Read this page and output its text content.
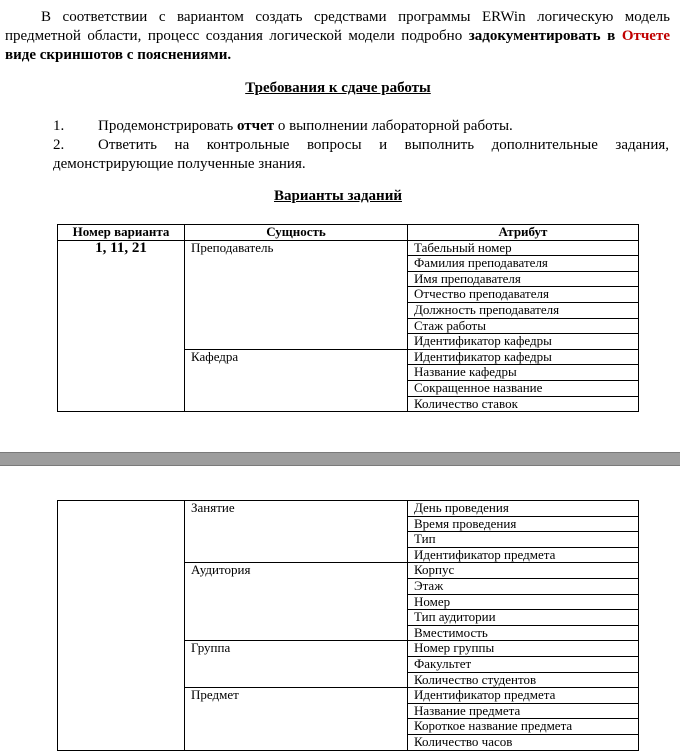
В соответствии с вариантом создать средствами программы ERWin логическую модель предметной области, процесс создания логической модели подробно задокументировать в Отчете виде скриншотов с пояснениями.
Требования к сдаче работы
1.	Продемонстрировать отчет о выполнении лабораторной работы.
2. Ответить на контрольные вопросы и выполнить дополнительные задания, демонстрирующие полученные знания.
Варианты заданий
Номер варианта	Сущность	Атрибут
1, 11, 21	Преподаватель	Табельный номер
		Фамилия преподавателя
		Имя преподавателя
		Отчество преподавателя
		Должность преподавателя
		Стаж работы
		Идентификатор кафедры
	Кафедра	Идентификатор кафедры
		Название кафедры
		Сокращенное название
		Количество ставок
	Занятие	День проведения
		Время проведения
		Тип
		Идентификатор предмета
	Аудитория	Корпус
		Этаж
		Номер
		Тип аудитории
		Вместимость
	Группа	Номер группы
		Факультет
		Количество студентов
	Предмет	Идентификатор предмета
		Название предмета
		Короткое название предмета
		Количество часов
